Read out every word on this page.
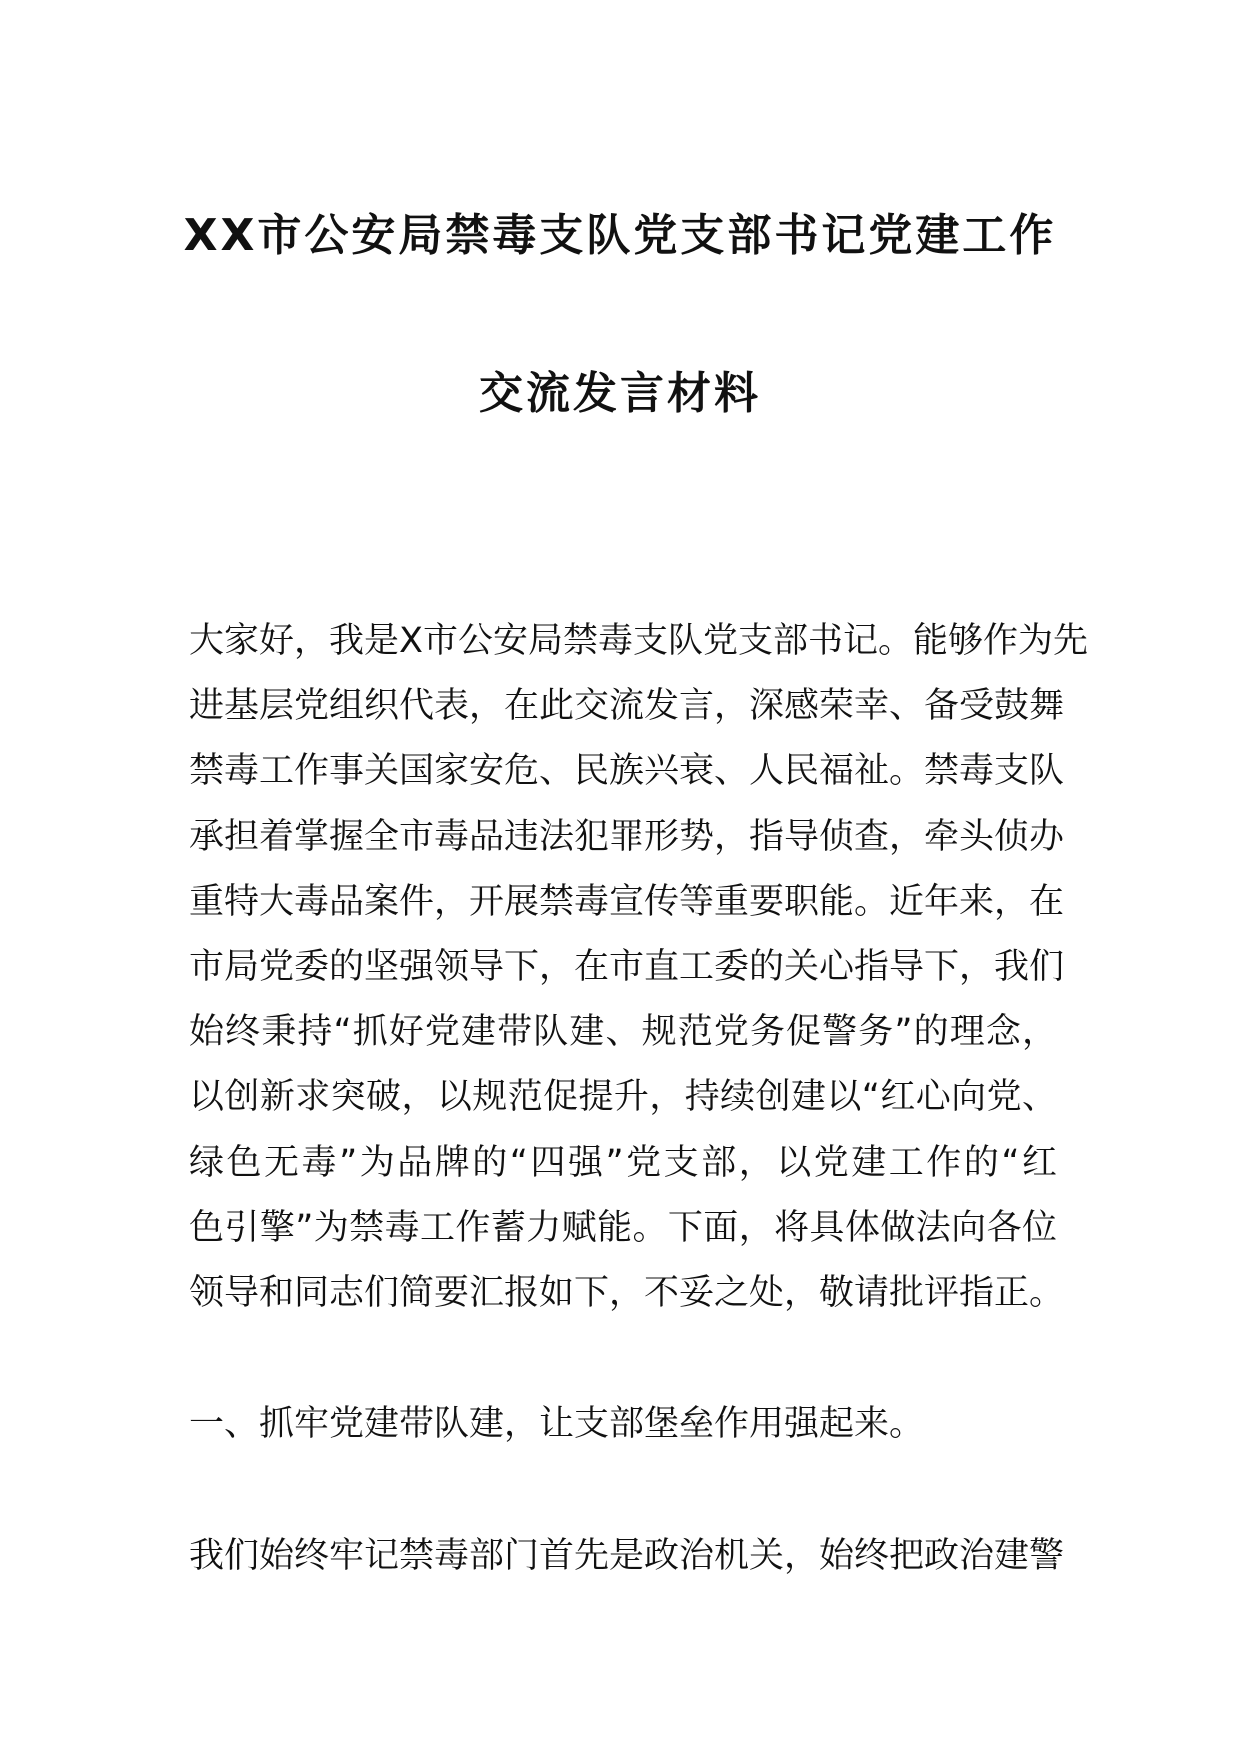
XX市公安局禁毒支队党支部书记党建工作
交流发言材料
大家好，我是X市公安局禁毒支队党支部书记。能够作为先
进基层党组织代表，在此交流发言，深感荣幸、备受鼓舞
禁毒工作事关国家安危、民族兴衰、人民福祉。禁毒支队
承担着掌握全市毒品违法犯罪形势，指导侦查，牵头侦办
重特大毒品案件，开展禁毒宣传等重要职能。近年来，在
市局党委的坚强领导下，在市直工委的关心指导下，我们
始终秉持“抓好党建带队建、规范党务促警务”的理念，
以创新求突破，以规范促提升，持续创建以“红心向党、
绿色无毒”为品牌的“四强”党支部，以党建工作的“红
色引擎”为禁毒工作蓄力赋能。下面，将具体做法向各位
领导和同志们简要汇报如下，不妥之处，敬请批评指正。
一、抓牢党建带队建，让支部堡垒作用强起来。
我们始终牢记禁毒部门首先是政治机关，始终把政治建警
